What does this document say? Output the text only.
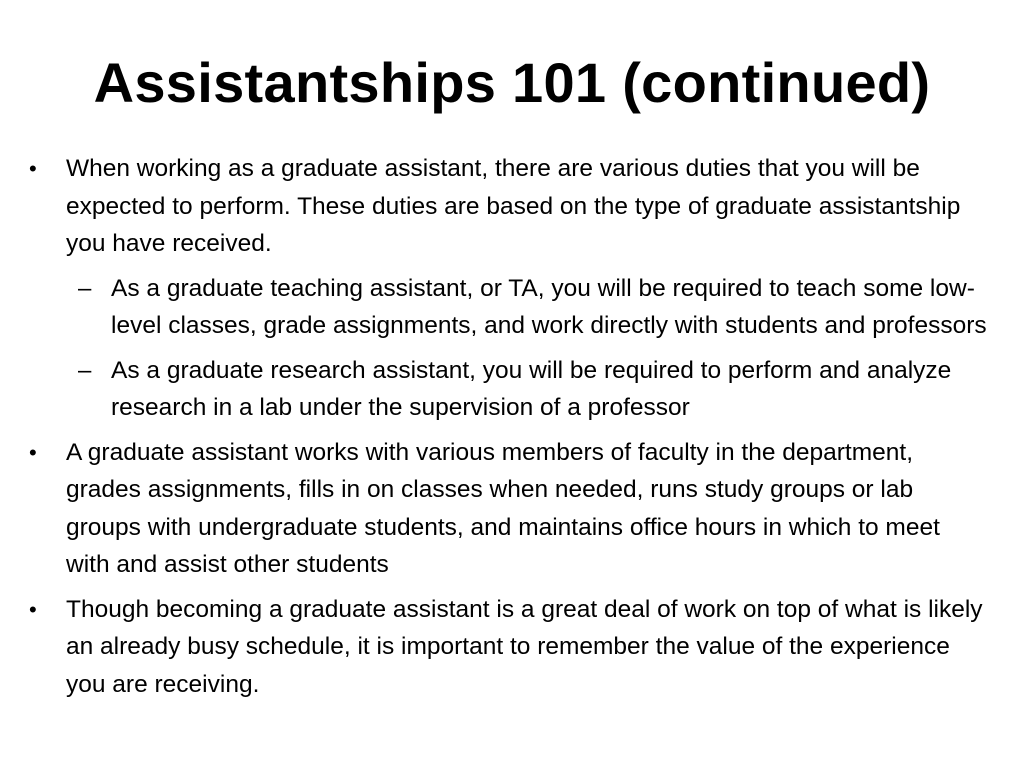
Assistantships 101 (continued)
• When working as a graduate assistant, there are various duties that you will be expected to perform. These duties are based on the type of graduate assistantship you have received.
– As a graduate teaching assistant, or TA, you will be required to teach some low-level classes, grade assignments, and work directly with students and professors
– As a graduate research assistant, you will be required to perform and analyze research in a lab under the supervision of a professor
• A graduate assistant works with various members of faculty in the department, grades assignments, fills in on classes when needed, runs study groups or lab groups with undergraduate students, and maintains office hours in which to meet with and assist other students
• Though becoming a graduate assistant is a great deal of work on top of what is likely an already busy schedule, it is important to remember the value of the experience you are receiving.
